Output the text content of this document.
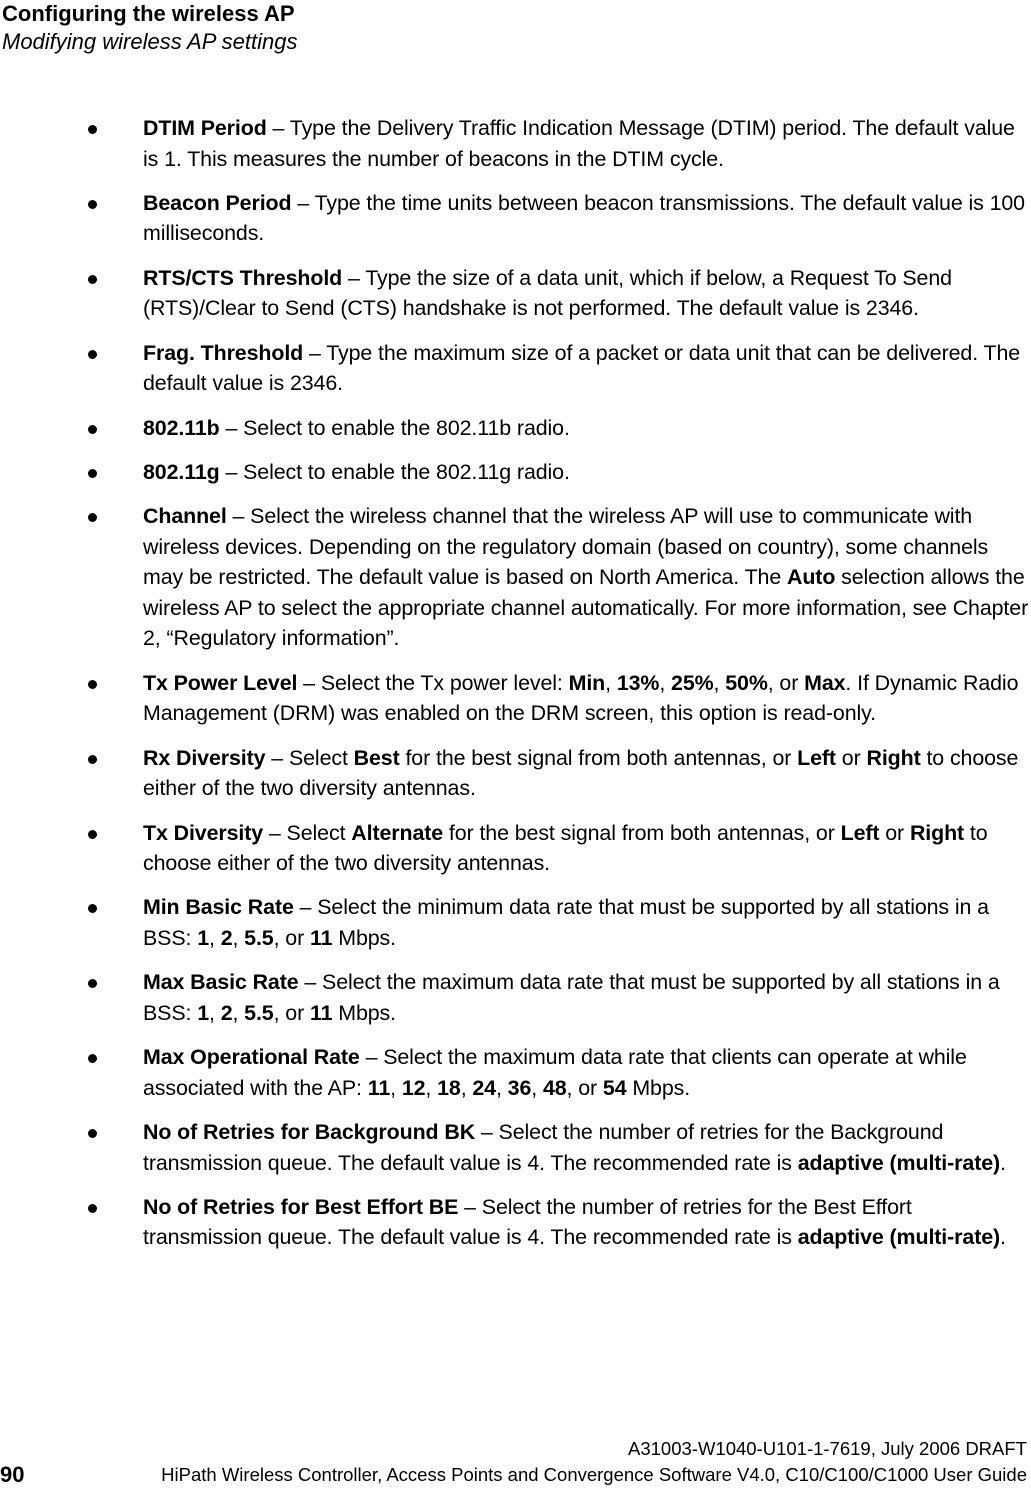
Configuring the wireless AP
Modifying wireless AP settings
DTIM Period – Type the Delivery Traffic Indication Message (DTIM) period. The default value is 1. This measures the number of beacons in the DTIM cycle.
Beacon Period – Type the time units between beacon transmissions. The default value is 100 milliseconds.
RTS/CTS Threshold – Type the size of a data unit, which if below, a Request To Send (RTS)/Clear to Send (CTS) handshake is not performed. The default value is 2346.
Frag. Threshold – Type the maximum size of a packet or data unit that can be delivered. The default value is 2346.
802.11b – Select to enable the 802.11b radio.
802.11g – Select to enable the 802.11g radio.
Channel – Select the wireless channel that the wireless AP will use to communicate with wireless devices. Depending on the regulatory domain (based on country), some channels may be restricted. The default value is based on North America. The Auto selection allows the wireless AP to select the appropriate channel automatically. For more information, see Chapter 2, “Regulatory information”.
Tx Power Level – Select the Tx power level: Min, 13%, 25%, 50%, or Max. If Dynamic Radio Management (DRM) was enabled on the DRM screen, this option is read-only.
Rx Diversity – Select Best for the best signal from both antennas, or Left or Right to choose either of the two diversity antennas.
Tx Diversity – Select Alternate for the best signal from both antennas, or Left or Right to choose either of the two diversity antennas.
Min Basic Rate – Select the minimum data rate that must be supported by all stations in a BSS: 1, 2, 5.5, or 11 Mbps.
Max Basic Rate – Select the maximum data rate that must be supported by all stations in a BSS: 1, 2, 5.5, or 11 Mbps.
Max Operational Rate – Select the maximum data rate that clients can operate at while associated with the AP: 11, 12, 18, 24, 36, 48, or 54 Mbps.
No of Retries for Background BK – Select the number of retries for the Background transmission queue. The default value is 4. The recommended rate is adaptive (multi-rate).
No of Retries for Best Effort BE – Select the number of retries for the Best Effort transmission queue. The default value is 4. The recommended rate is adaptive (multi-rate).
90
A31003-W1040-U101-1-7619, July 2006 DRAFT
HiPath Wireless Controller, Access Points and Convergence Software V4.0, C10/C100/C1000 User Guide
